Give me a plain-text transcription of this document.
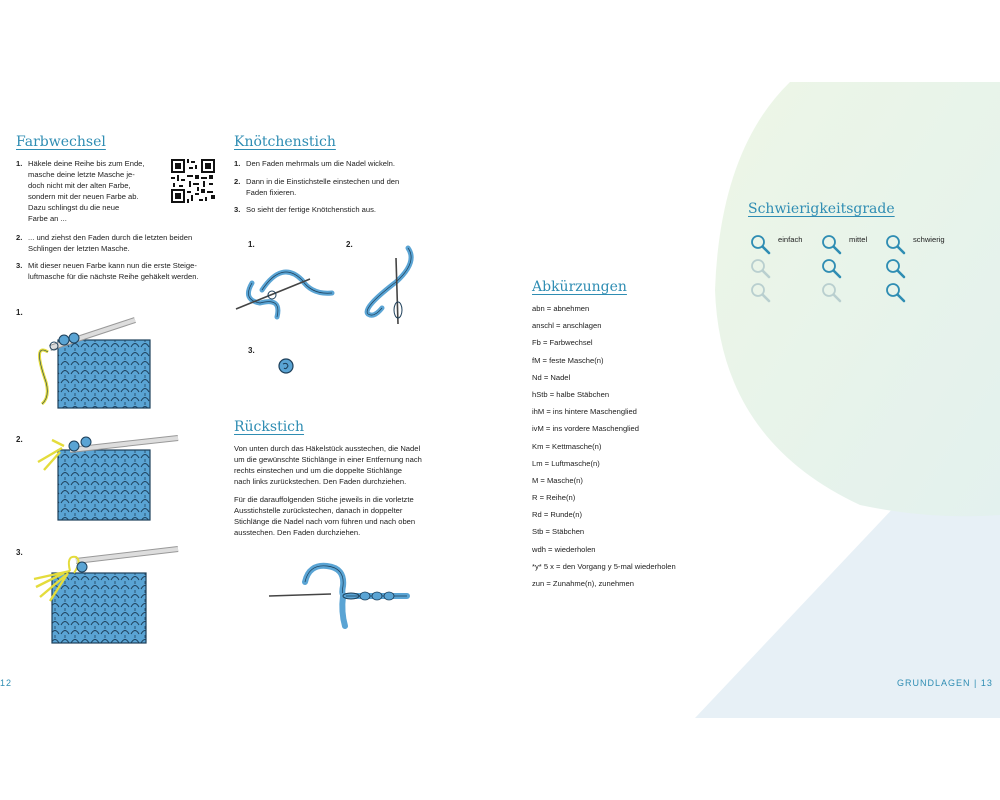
Farbwechsel
1. Häkele deine Reihe bis zum Ende,
masche deine letzte Masche je-
doch nicht mit der alten Farbe,
sondern mit der neuen Farbe ab.
Dazu schlingst du die neue
Farbe an ...
2. ... und ziehst den Faden durch die letzten beiden
Schlingen der letzten Masche.
3. Mit dieser neuen Farbe kann nun die erste Steige-
luftmasche für die nächste Reihe gehäkelt werden.
1.
2.
3.
Knötchenstich
1. Den Faden mehrmals um die Nadel wickeln.
2. Dann in die Einstichstelle einstechen und den
Faden fixieren.
3. So sieht der fertige Knötchenstich aus.
1.	2.
3.
Rückstich
Von unten durch das Häkelstück ausstechen, die Nadel
um die gewünschte Stichlänge in einer Entfernung nach
rechts einstechen und um die doppelte Stichlänge
nach links zurückstechen. Den Faden durchziehen.
Für die darauffolgenden Stiche jeweils in die vorletzte
Ausstichstelle zurückstechen, danach in doppelter
Stichlänge die Nadel nach vorn führen und nach oben
ausstechen. Den Faden durchziehen.
12
Abkürzungen
abn = abnehmen
anschl = anschlagen
Fb = Farbwechsel
fM = feste Masche(n)
Nd = Nadel
hStb = halbe Stäbchen
ihM = ins hintere Maschenglied
ivM = ins vordere Maschenglied
Km = Kettmasche(n)
Lm = Luftmasche(n)
M = Masche(n)
R = Reihe(n)
Rd = Runde(n)
Stb = Stäbchen
wdh = wiederholen
*y* 5 x = den Vorgang y 5-mal wiederholen
zun = Zunahme(n), zunehmen
Schwierigkeitsgrade
einfach	mittel	schwierig
GRUNDLAGEN | 13
